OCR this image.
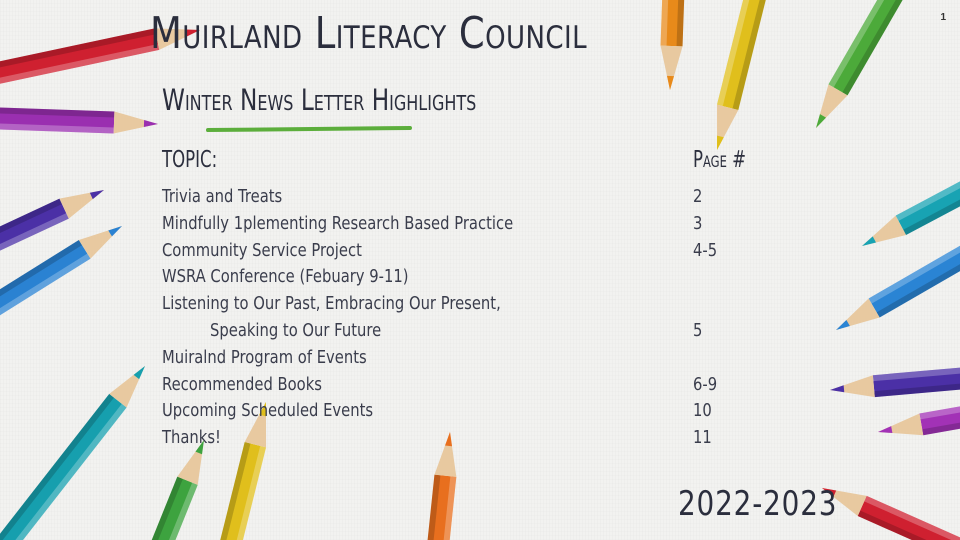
1
Muirland Literacy Council
Winter News Letter Highlights
TOPIC:	Page #
Trivia and Treats	2
Mindfully 1plementing Research Based Practice	3
Community Service Project	4-5
WSRA Conference (Febuary 9-11)
Listening to Our Past, Embracing Our Present,
Speaking to Our Future	5
Muiralnd Program of Events
Recommended Books	6-9
Upcoming Scheduled Events	10
Thanks!	11
2022-2023
